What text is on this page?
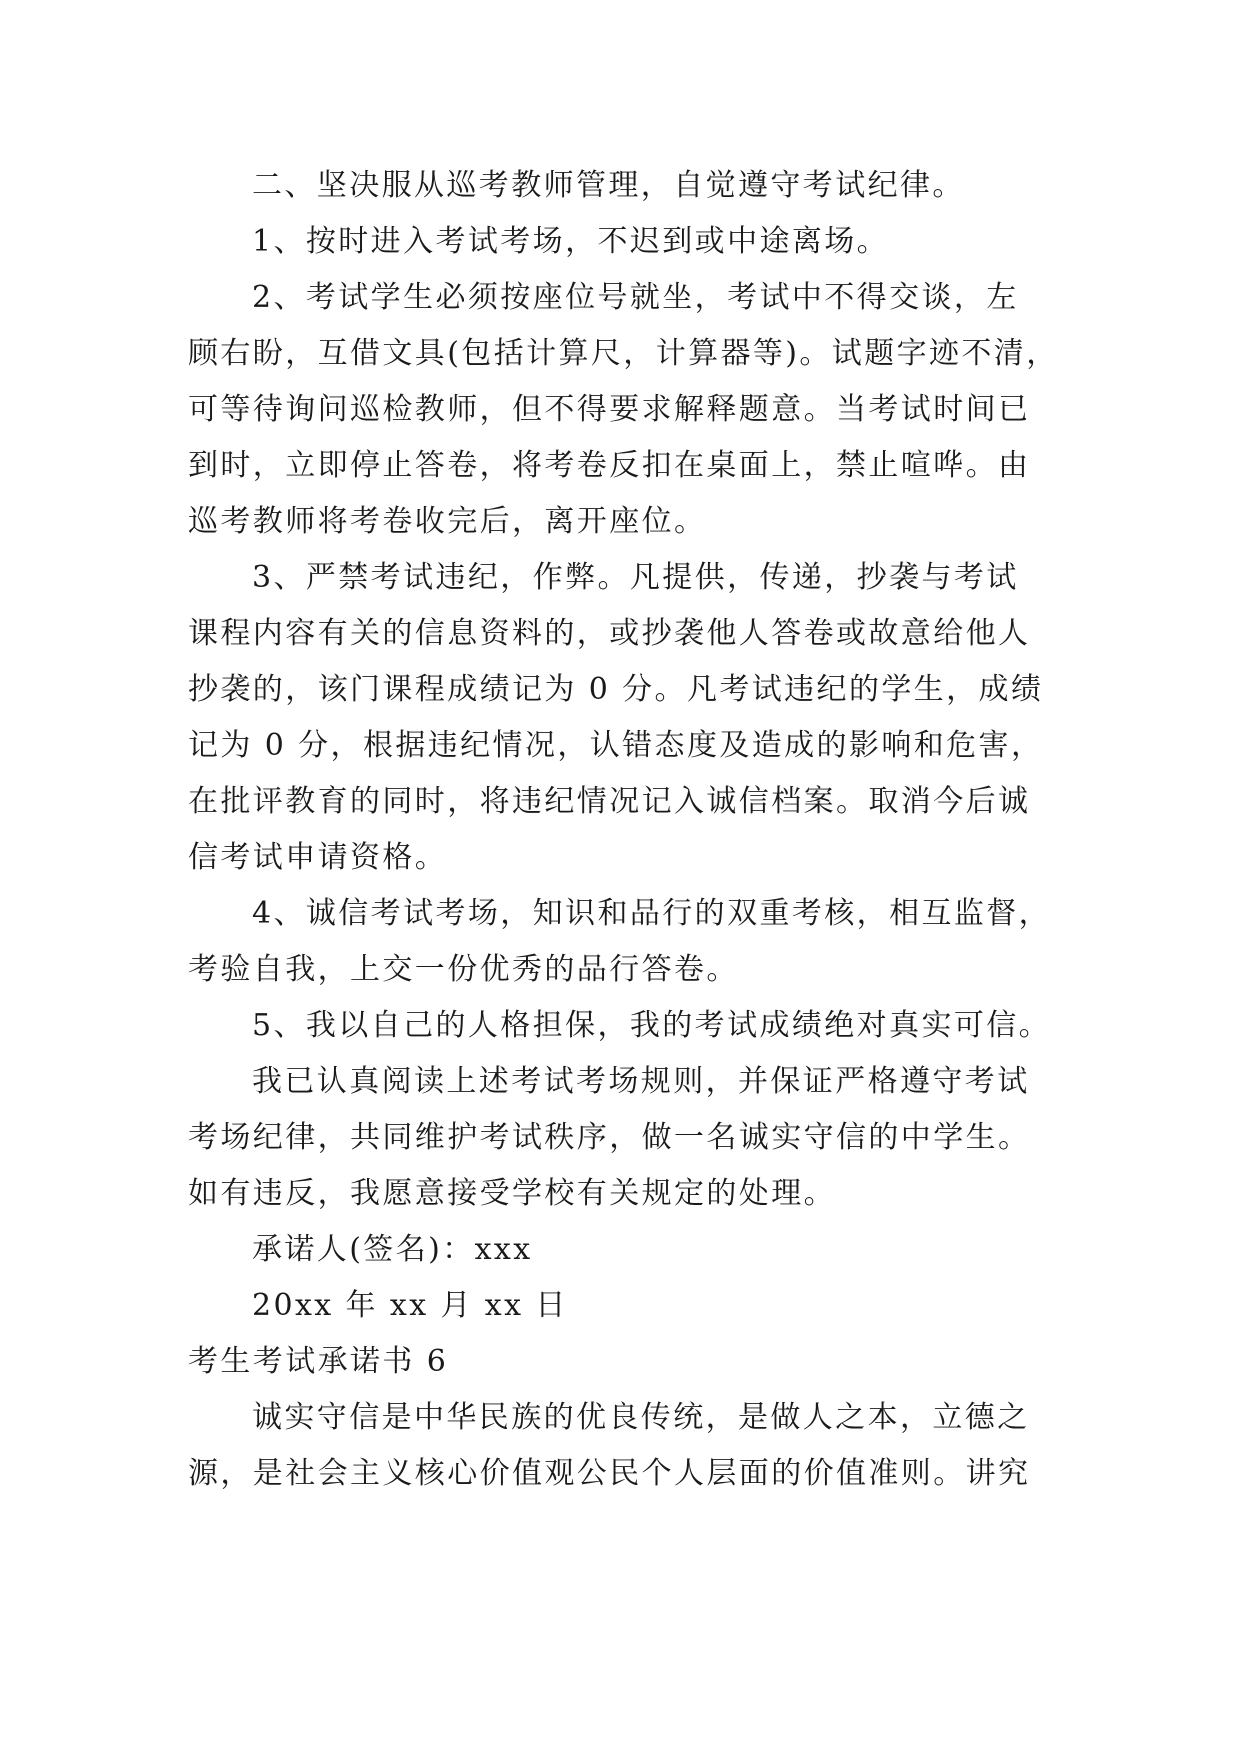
二、坚决服从巡考教师管理，自觉遵守考试纪律。
1、按时进入考试考场，不迟到或中途离场。
2、考试学生必须按座位号就坐，考试中不得交谈，左
顾右盼，互借文具(包括计算尺，计算器等)。试题字迹不清，
可等待询问巡检教师，但不得要求解释题意。当考试时间已
到时，立即停止答卷，将考卷反扣在桌面上，禁止喧哗。由
巡考教师将考卷收完后，离开座位。
3、严禁考试违纪，作弊。凡提供，传递，抄袭与考试
课程内容有关的信息资料的，或抄袭他人答卷或故意给他人
抄袭的，该门课程成绩记为 0 分。凡考试违纪的学生，成绩
记为 0 分，根据违纪情况，认错态度及造成的影响和危害，
在批评教育的同时，将违纪情况记入诚信档案。取消今后诚
信考试申请资格。
4、诚信考试考场，知识和品行的双重考核，相互监督，
考验自我，上交一份优秀的品行答卷。
5、我以自己的人格担保，我的考试成绩绝对真实可信。
我已认真阅读上述考试考场规则，并保证严格遵守考试
考场纪律，共同维护考试秩序，做一名诚实守信的中学生。
如有违反，我愿意接受学校有关规定的处理。
承诺人(签名)：xxx
20xx 年 xx 月 xx 日
考生考试承诺书 6
诚实守信是中华民族的优良传统，是做人之本，立德之
源，是社会主义核心价值观公民个人层面的价值准则。讲究
